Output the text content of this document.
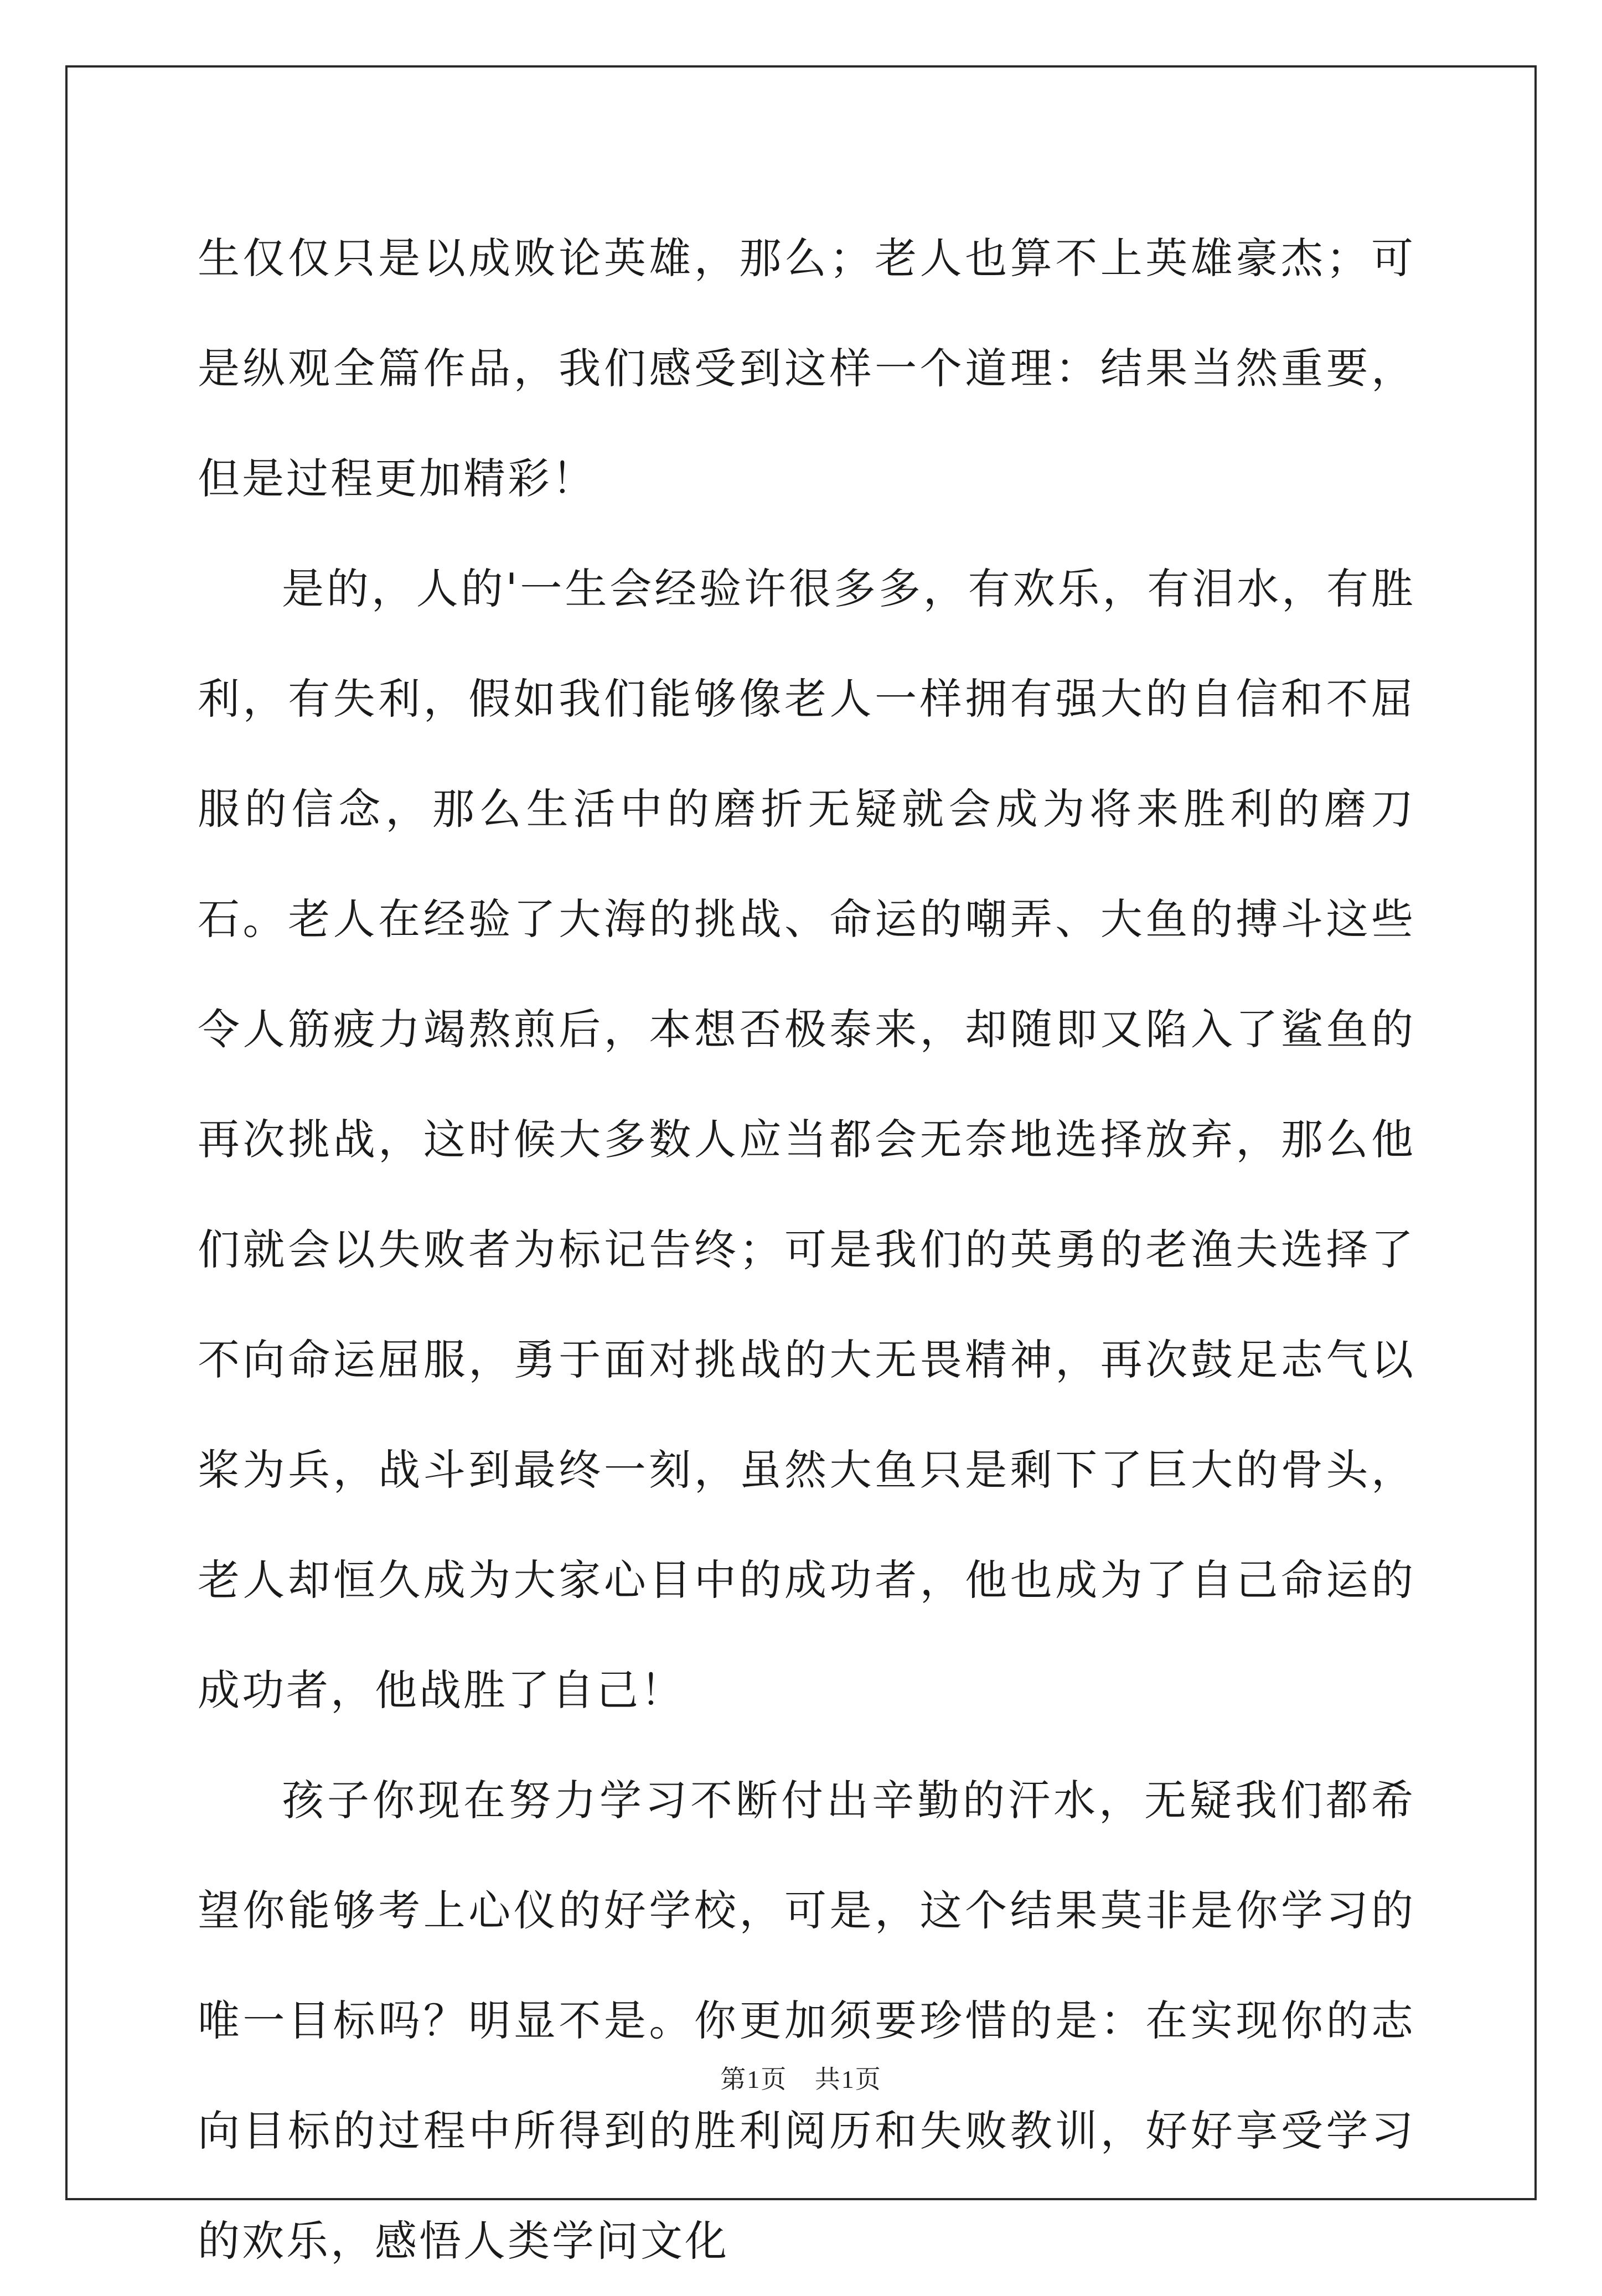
生仅仅只是以成败论英雄，那么；老人也算不上英雄豪杰；可是纵观全篇作品，我们感受到这样一个道理：结果当然重要，但是过程更加精彩！

是的，人的'一生会经验许很多多，有欢乐，有泪水，有胜利，有失利，假如我们能够像老人一样拥有强大的自信和不屈服的信念，那么生活中的磨折无疑就会成为将来胜利的磨刀石。老人在经验了大海的挑战、命运的嘲弄、大鱼的搏斗这些令人筋疲力竭熬煎后，本想否极泰来，却随即又陷入了鲨鱼的再次挑战，这时候大多数人应当都会无奈地选择放弃，那么他们就会以失败者为标记告终；可是我们的英勇的老渔夫选择了不向命运屈服，勇于面对挑战的大无畏精神，再次鼓足志气以桨为兵，战斗到最终一刻，虽然大鱼只是剩下了巨大的骨头，老人却恒久成为大家心目中的成功者，他也成为了自己命运的成功者，他战胜了自己！

孩子你现在努力学习不断付出辛勤的汗水，无疑我们都希望你能够考上心仪的好学校，可是，这个结果莫非是你学习的唯一目标吗？明显不是。你更加须要珍惜的是：在实现你的志向目标的过程中所得到的胜利阅历和失败教训，好好享受学习的欢乐，感悟人类学问文化

第1页 共1页
